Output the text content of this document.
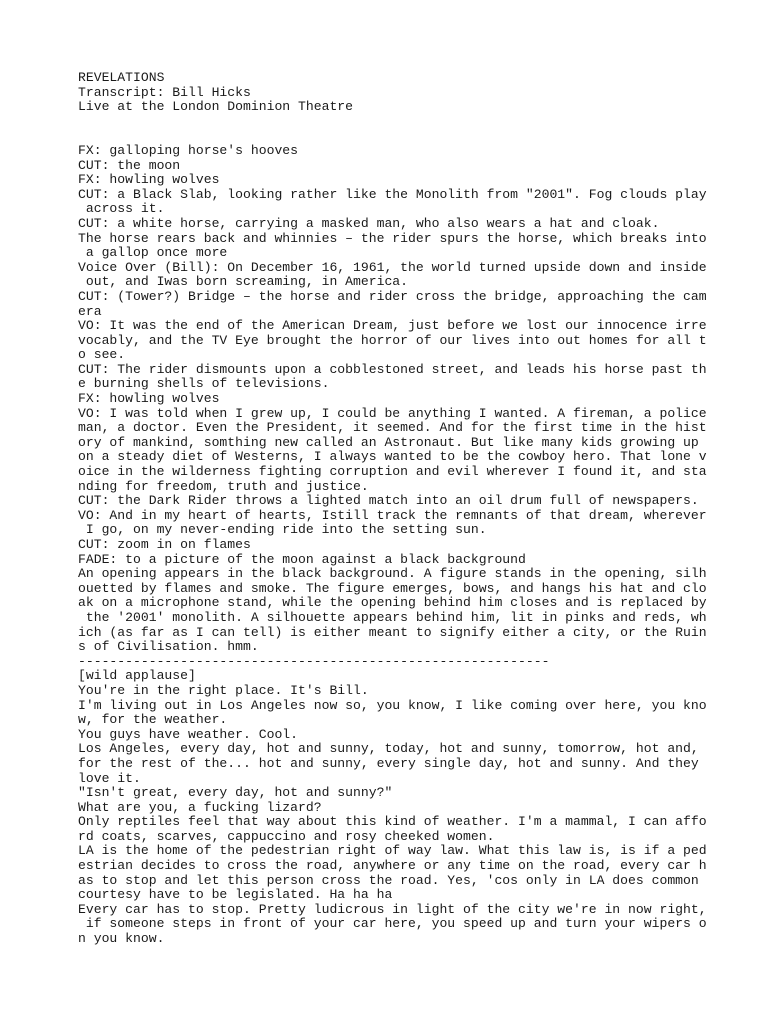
REVELATIONS
Transcript: Bill Hicks
Live at the London Dominion Theatre
FX: galloping horse's hooves
CUT: the moon
FX: howling wolves
CUT: a Black Slab, looking rather like the Monolith from "2001". Fog clouds play
across it.
CUT: a white horse, carrying a masked man, who also wears a hat and cloak.
The horse rears back and whinnies – the rider spurs the horse, which breaks into
a gallop once more
Voice Over (Bill): On December 16, 1961, the world turned upside down and inside
out, and Iwas born screaming, in America.
CUT: (Tower?) Bridge – the horse and rider cross the bridge, approaching the cam
era
VO: It was the end of the American Dream, just before we lost our innocence irre
vocably, and the TV Eye brought the horror of our lives into out homes for all t
o see.
CUT: The rider dismounts upon a cobblestoned street, and leads his horse past th
e burning shells of televisions.
FX: howling wolves
VO: I was told when I grew up, I could be anything I wanted. A fireman, a police
man, a doctor. Even the President, it seemed. And for the first time in the hist
ory of mankind, somthing new called an Astronaut. But like many kids growing up
on a steady diet of Westerns, I always wanted to be the cowboy hero. That lone v
oice in the wilderness fighting corruption and evil wherever I found it, and sta
nding for freedom, truth and justice.
CUT: the Dark Rider throws a lighted match into an oil drum full of newspapers.
VO: And in my heart of hearts, Istill track the remnants of that dream, wherever
I go, on my never-ending ride into the setting sun.
CUT: zoom in on flames
FADE: to a picture of the moon against a black background
An opening appears in the black background. A figure stands in the opening, silh
ouetted by flames and smoke. The figure emerges, bows, and hangs his hat and clo
ak on a microphone stand, while the opening behind him closes and is replaced by
the '2001' monolith. A silhouette appears behind him, lit in pinks and reds, wh
ich (as far as I can tell) is either meant to signify either a city, or the Ruin
s of Civilisation. hmm.
------------------------------------------------------------
[wild applause]
You're in the right place. It's Bill.
I'm living out in Los Angeles now so, you know, I like coming over here, you kno
w, for the weather.
You guys have weather. Cool.
Los Angeles, every day, hot and sunny, today, hot and sunny, tomorrow, hot and,
for the rest of the... hot and sunny, every single day, hot and sunny. And they
love it.
"Isn't great, every day, hot and sunny?"
What are you, a fucking lizard?
Only reptiles feel that way about this kind of weather. I'm a mammal, I can affo
rd coats, scarves, cappuccino and rosy cheeked women.
LA is the home of the pedestrian right of way law. What this law is, is if a ped
estrian decides to cross the road, anywhere or any time on the road, every car h
as to stop and let this person cross the road. Yes, 'cos only in LA does common
courtesy have to be legislated. Ha ha ha
Every car has to stop. Pretty ludicrous in light of the city we're in now right,
if someone steps in front of your car here, you speed up and turn your wipers o
n you know.
